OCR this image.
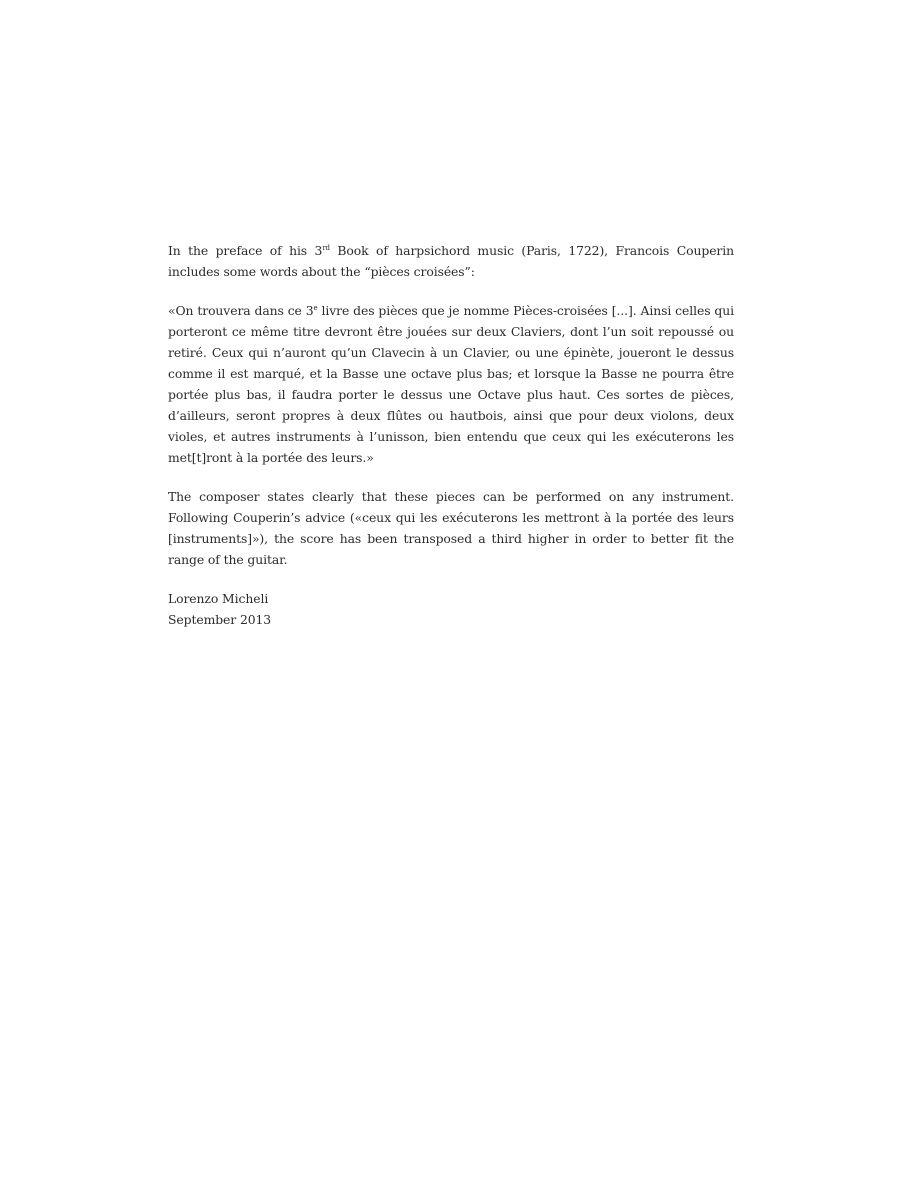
In the preface of his 3rd Book of harpsichord music (Paris, 1722), Francois Couperin includes some words about the “pièces croisées”:

«On trouvera dans ce 3e livre des pièces que je nomme Pièces-croisées [...]. Ainsi celles qui porteront ce même titre devront être jouées sur deux Claviers, dont l’un soit repoussé ou retiré. Ceux qui n’auront qu’un Clavecin à un Clavier, ou une épinète, joueront le dessus comme il est marqué, et la Basse une octave plus bas; et lorsque la Basse ne pourra être portée plus bas, il faudra porter le dessus une Octave plus haut. Ces sortes de pièces, d’ailleurs, seront propres à deux flûtes ou hautbois, ainsi que pour deux violons, deux violes, et autres instruments à l’unisson, bien entendu que ceux qui les exécuterons les met[t]ront à la portée des leurs.»

The composer states clearly that these pieces can be performed on any instrument. Following Couperin’s advice («ceux qui les exécuterons les mettront à la portée des leurs [instruments]»), the score has been transposed a third higher in order to better fit the range of the guitar.

Lorenzo Micheli
September 2013
